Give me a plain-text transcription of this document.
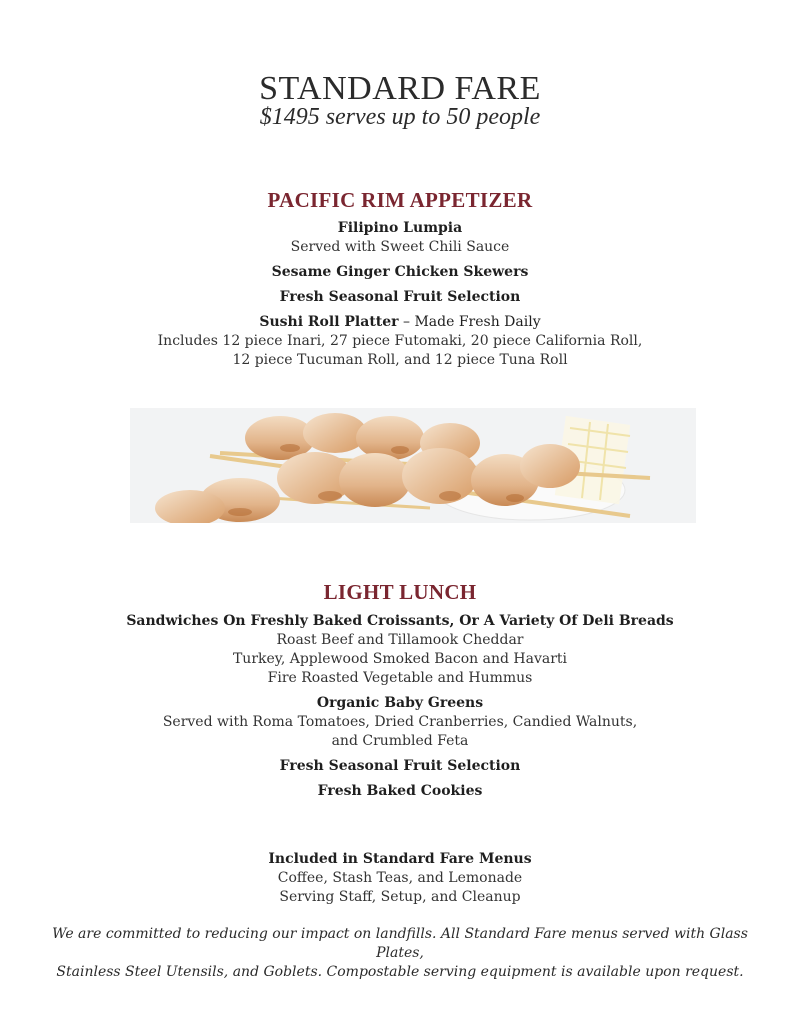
STANDARD FARE
$1495 serves up to 50 people
PACIFIC RIM APPETIZER
Filipino Lumpia
Served with Sweet Chili Sauce
Sesame Ginger Chicken Skewers
Fresh Seasonal Fruit Selection
Sushi Roll Platter – Made Fresh Daily
Includes 12 piece Inari, 27 piece Futomaki, 20 piece California Roll,
12 piece Tucuman Roll, and 12 piece Tuna Roll
LIGHT LUNCH
Sandwiches On Freshly Baked Croissants, Or A Variety Of Deli Breads
Roast Beef and Tillamook Cheddar
Turkey, Applewood Smoked Bacon and Havarti
Fire Roasted Vegetable and Hummus
Organic Baby Greens
Served with Roma Tomatoes, Dried Cranberries, Candied Walnuts,
and Crumbled Feta
Fresh Seasonal Fruit Selection
Fresh Baked Cookies
Included in Standard Fare Menus
Coffee, Stash Teas, and Lemonade
Serving Staff, Setup, and Cleanup
We are committed to reducing our impact on landfills. All Standard Fare menus served with Glass Plates,
Stainless Steel Utensils, and Goblets. Compostable serving equipment is available upon request.
